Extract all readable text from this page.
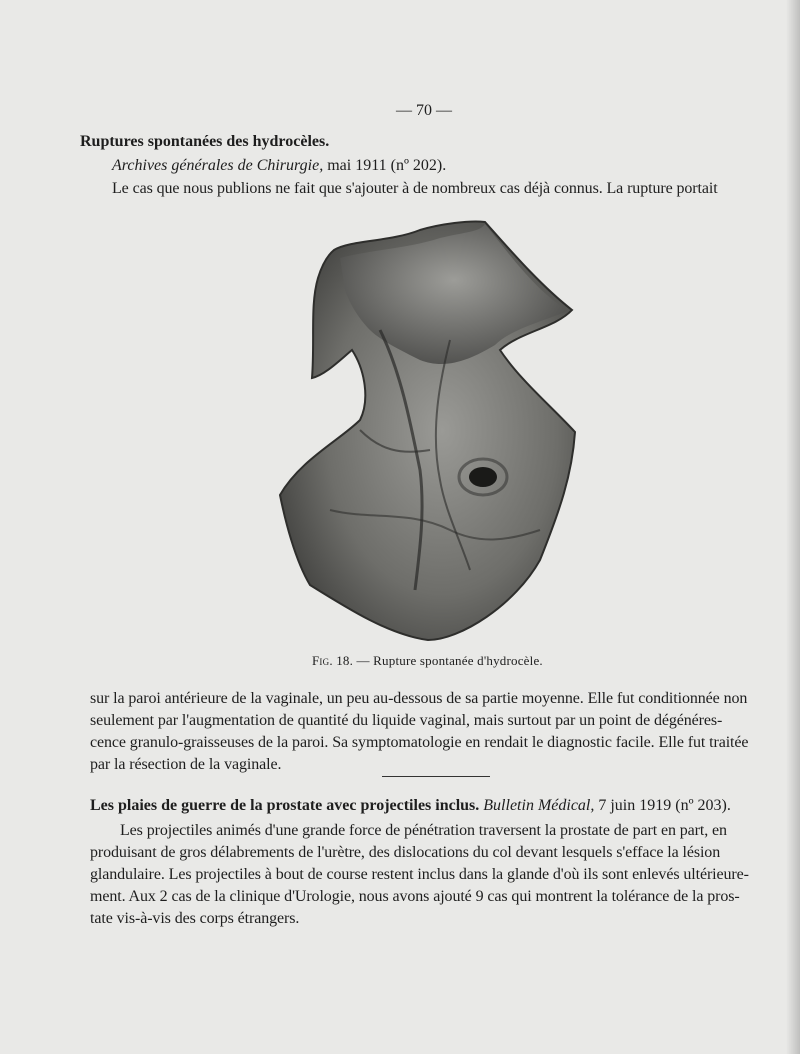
— 70 —
Ruptures spontanées des hydrocèles.
Archives générales de Chirurgie, mai 1911 (nº 202).
Le cas que nous publions ne fait que s'ajouter à de nombreux cas déjà connus. La rupture portait
Fig. 18. — Rupture spontanée d'hydrocèle.
sur la paroi antérieure de la vaginale, un peu au-dessous de sa partie moyenne. Elle fut conditionnée non
seulement par l'augmentation de quantité du liquide vaginal, mais surtout par un point de dégénéres-
cence granulo-graisseuses de la paroi. Sa symptomatologie en rendait le diagnostic facile. Elle fut traitée
par la résection de la vaginale.
Les plaies de guerre de la prostate avec projectiles inclus. Bulletin Médical, 7 juin 1919 (nº 203).
Les projectiles animés d'une grande force de pénétration traversent la prostate de part en part, en
produisant de gros délabrements de l'urètre, des dislocations du col devant lesquels s'efface la lésion
glandulaire. Les projectiles à bout de course restent inclus dans la glande d'où ils sont enlevés ultérieure-
ment. Aux 2 cas de la clinique d'Urologie, nous avons ajouté 9 cas qui montrent la tolérance de la pros-
tate vis-à-vis des corps étrangers.
